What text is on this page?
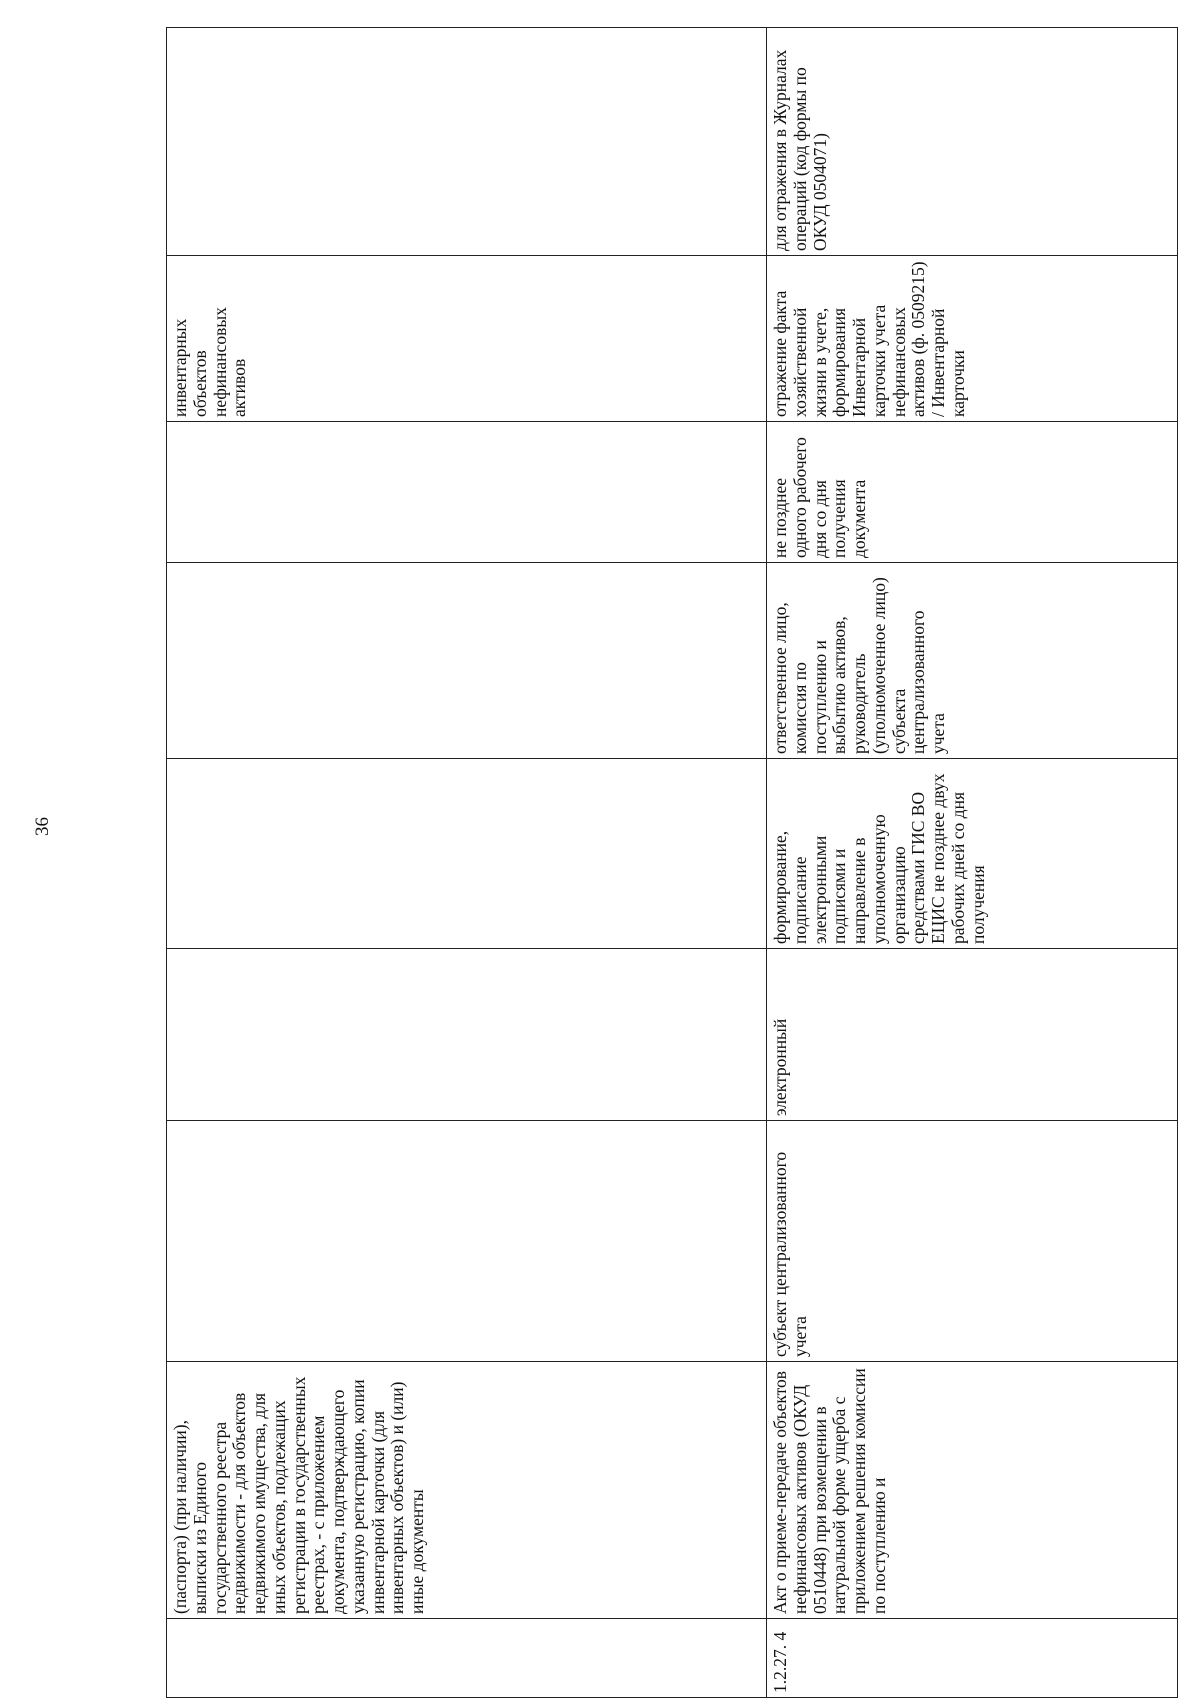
36
	(паспорта) (при наличии), выписки из Единого государственного реестра недвижимости - для объектов недвижимого имущества, для иных объектов, подлежащих регистрации в государственных реестрах, - с приложением документа, подтверждающего указанную регистрацию, копии инвентарной карточки (для инвентарных объектов) и (или) иные документы						инвентарных объектов нефинансовых активов	
1.2.27. 4	Акт о приеме-передаче объектов нефинансовых активов (ОКУД 0510448) при возмещении в натуральной форме ущерба с приложением решения комиссии по поступлению и	субъект централизованного учета	электронный	формирование, подписание электронными подписями и направление в уполномоченную организацию средствами ГИС ВО ЕЦИС не позднее двух рабочих дней со дня получения	ответственное лицо, комиссия по поступлению и выбытию активов, руководитель (уполномоченное лицо) субъекта централизованного учета	не позднее одного рабочего дня со дня получения документа	отражение факта хозяйственной жизни в учете, формирования Инвентарной карточки учета нефинансовых активов (ф. 0509215) / Инвентарной карточки	для отражения в Журналах операций (код формы по ОКУД 0504071)
